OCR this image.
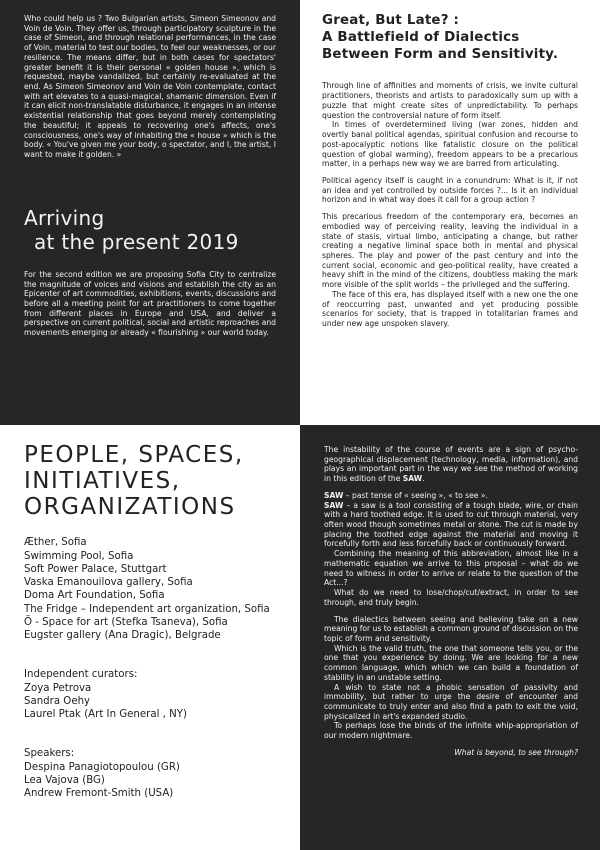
Who could help us ? Two Bulgarian artists, Simeon Simeonov and Voin de Voin. They offer us, through participatory sculpture in the case of Simeon, and through relational performances, in the case of Voin, material to test our bodies, to feel our weaknesses, or our resilience. The means differ, but in both cases for spectators' greater benefit it is their personal « golden house », which is requested, maybe vandalized, but certainly re-evaluated at the end. As Simeon Simeonov and Voin de Voin contemplate, contact with art elevates to a quasi-magical, shamanic dimension. Even if it can elicit non-translatable disturbance, it engages in an intense existential relationship that goes beyond merely contemplating the beautiful; it appeals to recovering one's affects, one's consciousness, one's way of inhabiting the « house » which is the body. « You've given me your body, o spectator, and I, the artist, I want to make it golden. »

Arriving
at the present 2019

For the second edition we are proposing Sofia City to centralize the magnitude of voices and visions and establish the city as an Epicenter of art commodities, exhibitions, events, discussions and before all a meeting point for art practitioners to come together from different places in Europe and USA, and deliver a perspective on current political, social and artistic reproaches and movements emerging or already « flourishing » our world today.

Great, But Late? :
A Battlefield of Dialectics
Between Form and Sensitivity.

Through line of affinities and moments of crisis, we invite cultural practitioners, theorists and artists to paradoxically sum up with a puzzle that might create sites of unpredictability. To perhaps question the controversial nature of form itself.

In times of overdetermined living (war zones, hidden and overtly banal political agendas, spiritual confusion and recourse to post-apocalyptic notions like fatalistic closure on the political question of global warming), freedom appears to be a precarious matter, in a perhaps new way we are barred from articulating.

Political agency itself is caught in a conundrum: What is it, if not an idea and yet controlled by outside forces ?... Is it an individual horizon and in what way does it call for a group action ?

This precarious freedom of the contemporary era, becomes an embodied way of perceiving reality, leaving the individual in a state of stasis, virtual limbo, anticipating a change, but rather creating a negative liminal space both in mental and physical spheres. The play and power of the past century and into the current social, economic and geo-political reality, have created a heavy shift in the mind of the citizens, doubtless making the mark more visible of the split worlds – the privileged and the suffering.

The face of this era, has displayed itself with a new one the one of reoccurring past, unwanted and yet producing possible scenarios for society, that is trapped in totalitarian frames and under new age unspoken slavery.

PEOPLE, SPACES,
INITIATIVES,
ORGANIZATIONS
Æther, Sofia
Swimming Pool, Sofia
Soft Power Palace, Stuttgart
Vaska Emanouilova gallery, Sofia
Doma Art Foundation, Sofia
The Fridge – Independent art organization, Sofia
Ö - Space for art (Stefka Tsaneva), Sofia
Eugster gallery (Ana Dragic), Belgrade
Independent curators:
Zoya Petrova
Sandra Oehy
Laurel Ptak (Art In General , NY)
Speakers:
Despina Panagiotopoulou (GR)
Lea Vajova (BG)
Andrew Fremont-Smith (USA)

The instability of the course of events are a sign of psycho-geographical displacement (technology, media, information), and plays an important part in the way we see the method of working in this edition of the SAW.

SAW – past tense of « seeing », « to see ».

SAW – a saw is a tool consisting of a tough blade, wire, or chain with a hard toothed edge. It is used to cut through material, very often wood though sometimes metal or stone. The cut is made by placing the toothed edge against the material and moving it forcefully forth and less forcefully back or continuously forward.

Combining the meaning of this abbreviation, almost like in a mathematic equation we arrive to this proposal – what do we need to witness in order to arrive or relate to the question of the Act...?

What do we need to lose/chop/cut/extract, in order to see through, and truly begin.

The dialectics between seeing and believing take on a new meaning for us to establish a common ground of discussion on the topic of form and sensitivity.

Which is the valid truth, the one that someone tells you, or the one that you experience by doing. We are looking for a new common language, which which we can build a foundation of stability in an unstable setting.

A wish to state not a phobic sensation of passivity and immobility, but rather to urge the desire of encounter and communicate to truly enter and also find a path to exit the void, physicalized in art's expanded studio.

To perhaps lose the binds of the infinite whip-appropriation of our modern nightmare.

What is beyond, to see through?
